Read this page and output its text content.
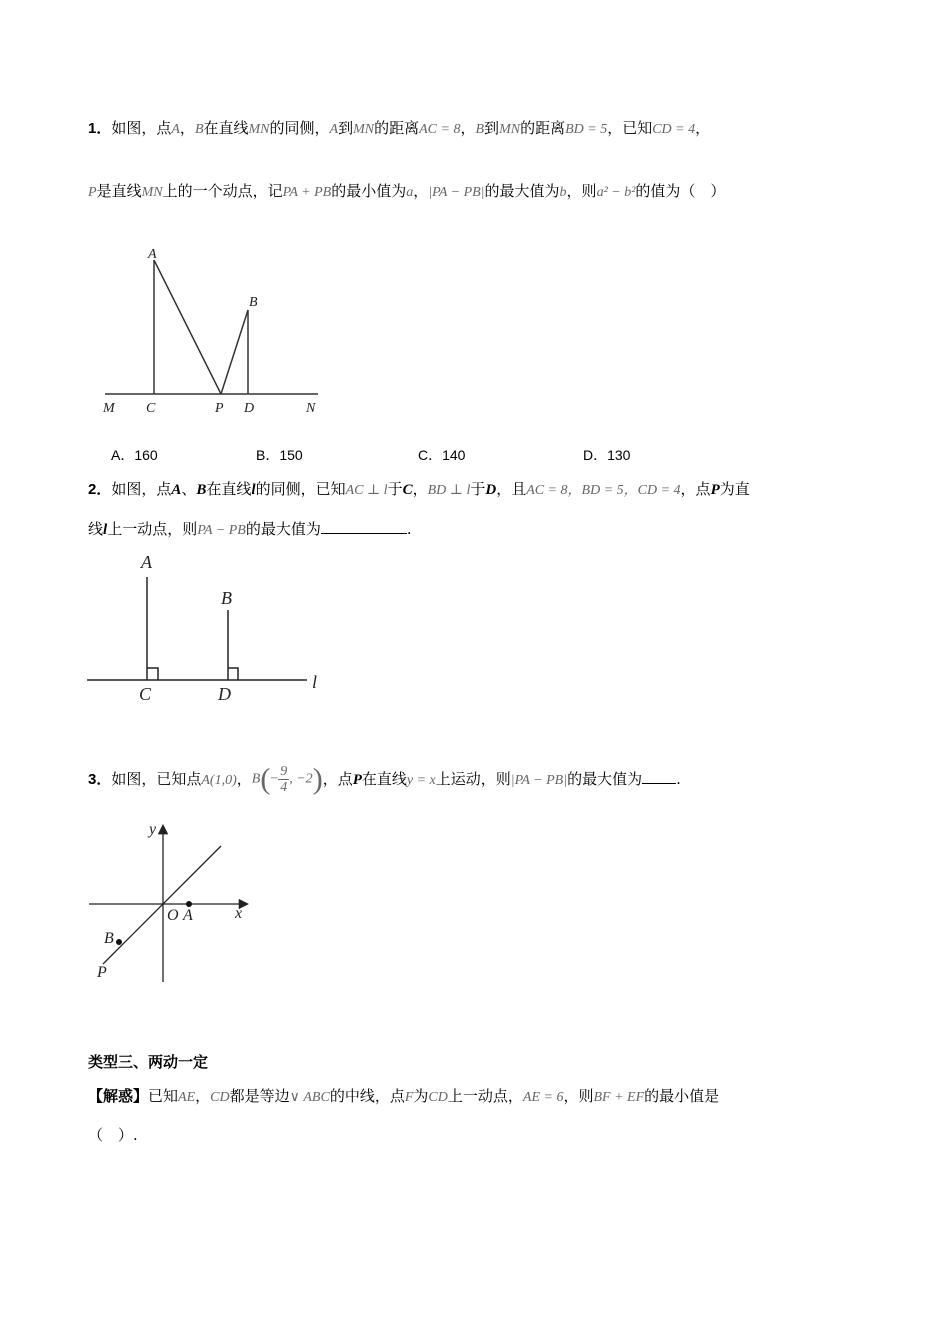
1．如图，点A，B在直线MN的同侧，A到MN的距离AC = 8，B到MN的距离BD = 5，已知CD = 4，
P是直线MN上的一个动点，记PA + PB的最小值为a，|PA − PB|的最大值为b，则a² − b²的值为（　）
A
B
M C	P D	N
A．160	B．150	C．140	D．130
2．如图，点A、B在直线l的同侧，已知AC ⊥ l于C，BD ⊥ l于D，且AC = 8，BD = 5，CD = 4，点P为直
线l上一动点，则PA − PB的最大值为	.
A
B
C	D
l
3．如图，已知点A(1,0)，$B(- \frac{9}{4}$ , −2)，点P在直线y = x上运动，则|PA − PB|的最大值为 .
y
x
O A
B
P
类型三、两动一定
【解惑】已知AE，CD都是等边∨ ABC的中线，点F为CD上一动点，AE = 6，则BF + EF的最小值是
（　）.
